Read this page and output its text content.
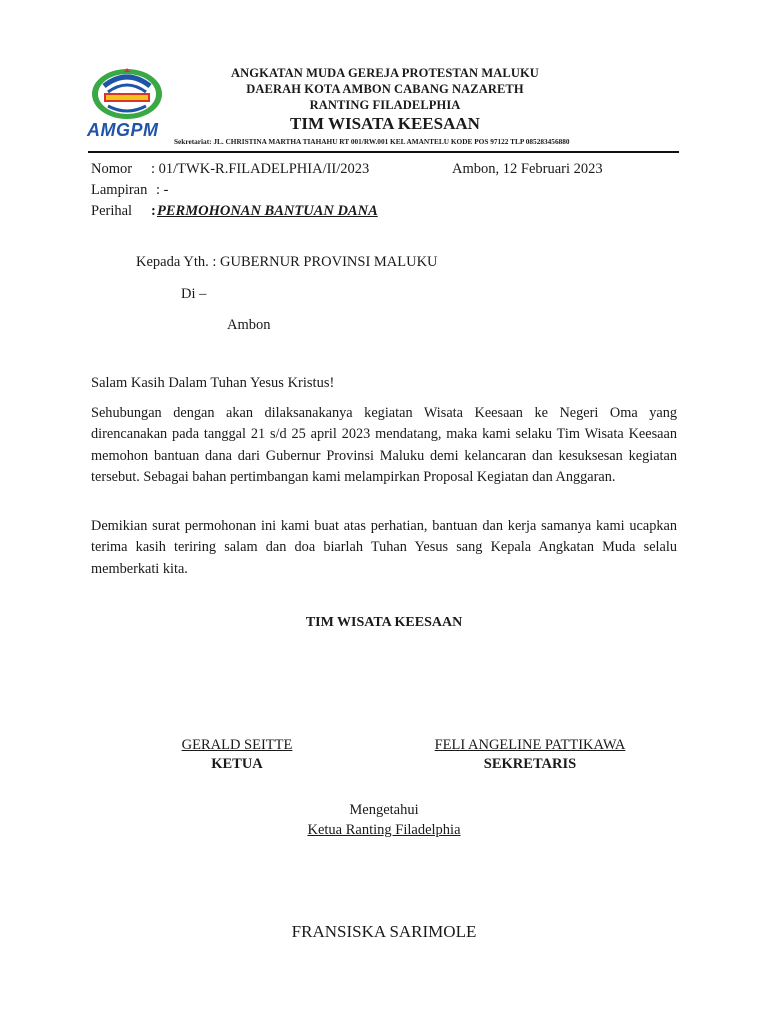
AMGPM
ANGKATAN MUDA GEREJA PROTESTAN MALUKU
DAERAH KOTA AMBON CABANG NAZARETH
RANTING FILADELPHIA
TIM WISATA KEESAAN
Sekretariat: JL. CHRISTINA MARTHA TIAHAHU RT 001/RW.001 KEL AMANTELU KODE POS 97122 TLP 085283456880
Nomor : 01/TWK-R.FILADELPHIA/II/2023	Ambon, 12 Februari 2023
Lampiran : -
Perihal : PERMOHONAN BANTUAN DANA
Kepada Yth. : GUBERNUR PROVINSI MALUKU
Di –
Ambon
Salam Kasih Dalam Tuhan Yesus Kristus!
Sehubungan dengan akan dilaksanakanya kegiatan Wisata Keesaan ke Negeri Oma yang direncanakan pada tanggal 21 s/d 25 april 2023 mendatang, maka kami selaku Tim Wisata Keesaan memohon bantuan dana dari Gubernur Provinsi Maluku demi kelancaran dan kesuksesan kegiatan tersebut. Sebagai bahan pertimbangan kami melampirkan Proposal Kegiatan dan Anggaran.
Demikian surat permohonan ini kami buat atas perhatian, bantuan dan kerja samanya kami ucapkan terima kasih teriring salam dan doa biarlah Tuhan Yesus sang Kepala Angkatan Muda selalu memberkati kita.
TIM WISATA KEESAAN
GERALD SEITTE
KETUA
FELI ANGELINE PATTIKAWA
SEKRETARIS
Mengetahui
Ketua Ranting Filadelphia
FRANSISKA SARIMOLE
